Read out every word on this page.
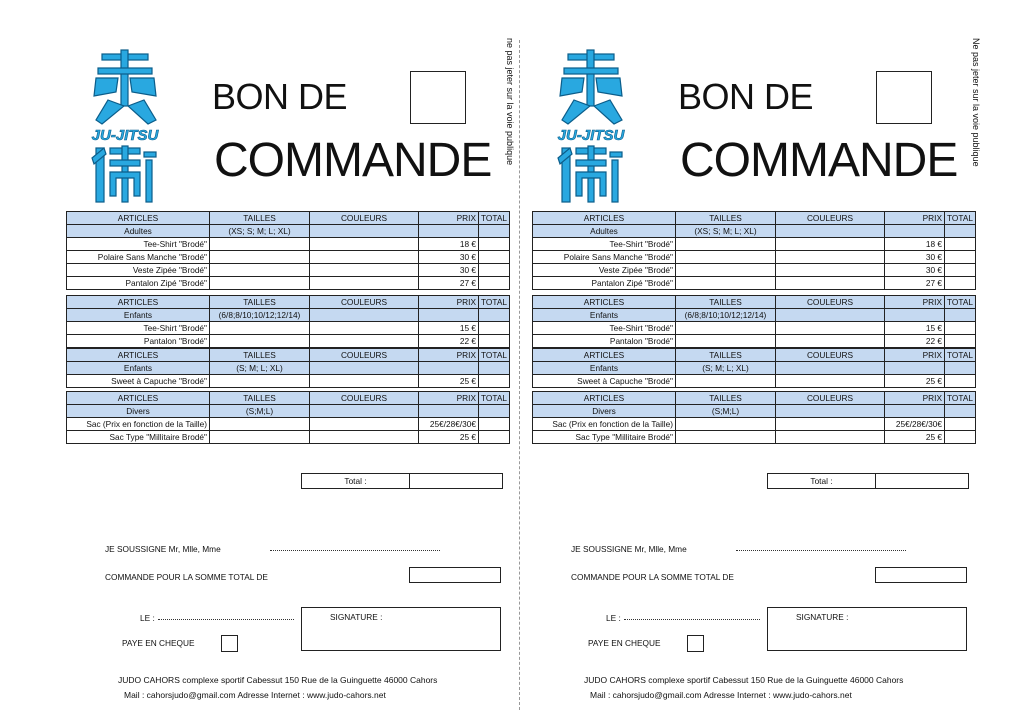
JU-JITSU
BON DE
COMMANDE ne pas jeter sur la voie publique
ARTICLES	TAILLES	COULEURS	PRIX	TOTAL
Adultes	(XS; S; M; L; XL)			
Tee-Shirt "Brodé"			18 €	
Polaire Sans Manche "Brodé"			30 €	
Veste Zipée "Brodé"			30 €	
Pantalon Zipé "Brodé"			27 €	
ARTICLES	TAILLES	COULEURS	PRIX	TOTAL
Enfants	(6/8;8/10;10/12;12/14)			
Tee-Shirt "Brodé"			15 €	
Pantalon "Brodé"			22 €	
ARTICLES	TAILLES	COULEURS	PRIX	TOTAL
Enfants	(S; M; L; XL)			
Sweet à Capuche "Brodé"			25 €	
ARTICLES	TAILLES	COULEURS	PRIX	TOTAL
Divers	(S;M;L)			
Sac (Prix en fonction de la Taille)			25€/28€/30€	
Sac Type "Millitaire Brodé"			25 €	
Total :
JE SOUSSIGNE Mr, Mlle, Mme
COMMANDE POUR LA SOMME TOTAL DE
LE :	SIGNATURE :
PAYE EN CHEQUE
JUDO CAHORS complexe sportif Cabessut 150 Rue de la Guinguette 46000 Cahors
Mail : cahorsjudo@gmail.com Adresse Internet : www.judo-cahors.net
JU-JITSU
BON DE
COMMANDE Ne pas jeter sur la voie publique
ARTICLES	TAILLES	COULEURS	PRIX	TOTAL
Adultes	(XS; S; M; L; XL)			
Tee-Shirt "Brodé"			18 €	
Polaire Sans Manche "Brodé"			30 €	
Veste Zipée "Brodé"			30 €	
Pantalon Zipé "Brodé"			27 €	
ARTICLES	TAILLES	COULEURS	PRIX	TOTAL
Enfants	(6/8;8/10;10/12;12/14)			
Tee-Shirt "Brodé"			15 €	
Pantalon "Brodé"			22 €	
ARTICLES	TAILLES	COULEURS	PRIX	TOTAL
Enfants	(S; M; L; XL)			
Sweet à Capuche "Brodé"			25 €	
ARTICLES	TAILLES	COULEURS	PRIX	TOTAL
Divers	(S;M;L)			
Sac (Prix en fonction de la Taille)			25€/28€/30€	
Sac Type "Millitaire Brodé"			25 €	
Total :
JE SOUSSIGNE Mr, Mlle, Mme
COMMANDE POUR LA SOMME TOTAL DE
LE :	SIGNATURE :
PAYE EN CHEQUE
JUDO CAHORS complexe sportif Cabessut 150 Rue de la Guinguette 46000 Cahors
Mail : cahorsjudo@gmail.com Adresse Internet : www.judo-cahors.net
